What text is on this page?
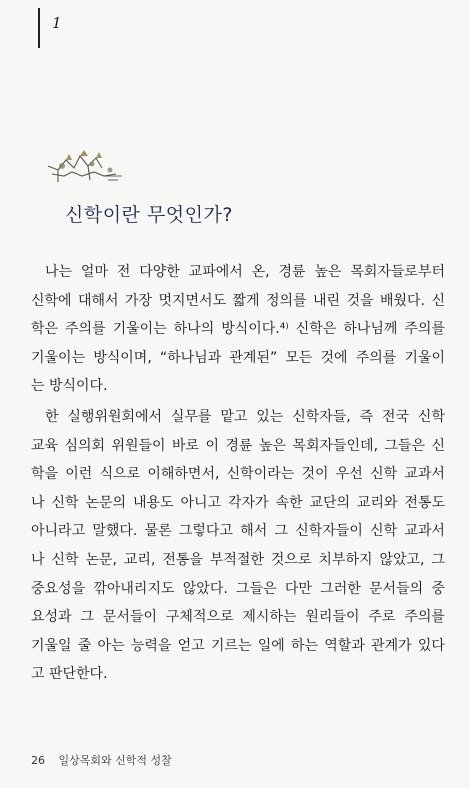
1
신학이란 무엇인가?
나는 얼마 전 다양한 교파에서 온, 경륜 높은 목회자들로부터
신학에 대해서 가장 멋지면서도 짧게 정의를 내린 것을 배웠다. 신
학은 주의를 기울이는 하나의 방식이다.⁴⁾ 신학은 하나님께 주의를
기울이는 방식이며, “하나님과 관계된” 모든 것에 주의를 기울이
는 방식이다.
한 실행위원회에서 실무를 맡고 있는 신학자들, 즉 전국 신학
교육 심의회 위원들이 바로 이 경륜 높은 목회자들인데, 그들은 신
학을 이런 식으로 이해하면서, 신학이라는 것이 우선 신학 교과서
나 신학 논문의 내용도 아니고 각자가 속한 교단의 교리와 전통도
아니라고 말했다. 물론 그렇다고 해서 그 신학자들이 신학 교과서
나 신학 논문, 교리, 전통을 부적절한 것으로 치부하지 않았고, 그
중요성을 깎아내리지도 않았다. 그들은 다만 그러한 문서들의 중
요성과 그 문서들이 구체적으로 제시하는 원리들이 주로 주의를
기울일 줄 아는 능력을 얻고 기르는 일에 하는 역할과 관계가 있다
고 판단한다.
26 일상목회와 신학적 성찰
